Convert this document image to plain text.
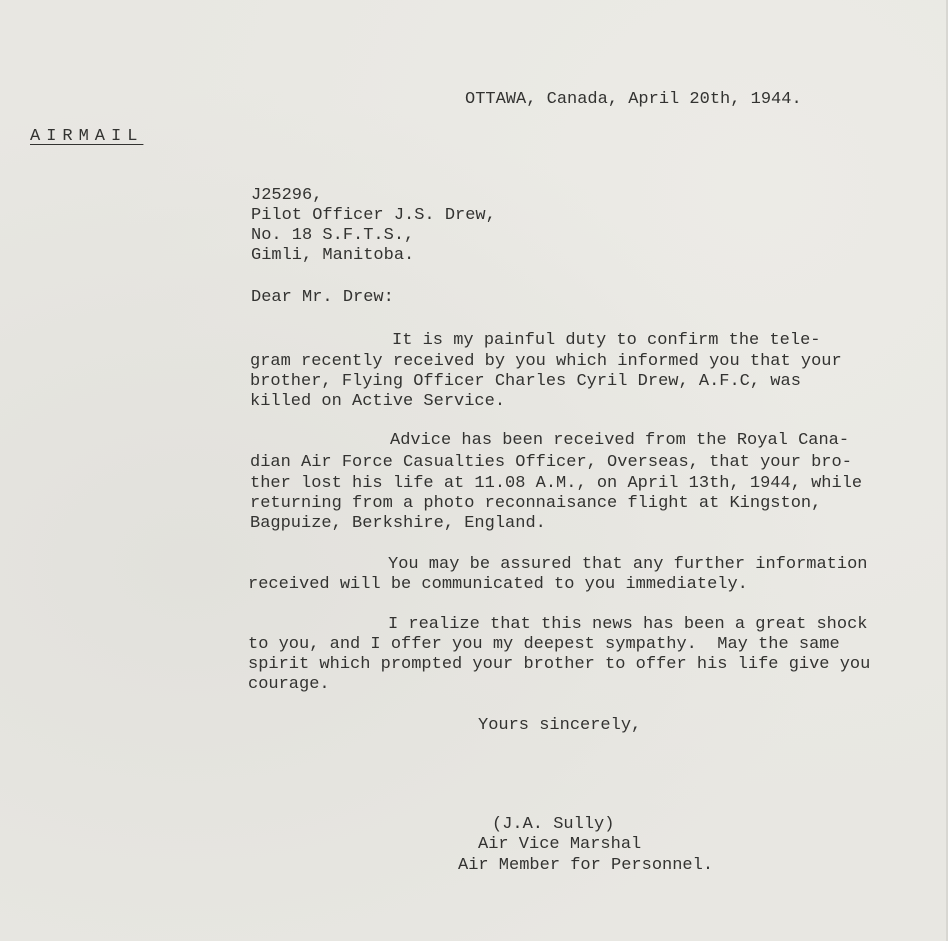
OTTAWA, Canada, April 20th, 1944.
AIRMAIL
J25296,
Pilot Officer J.S. Drew,
No. 18 S.F.T.S.,
Gimli, Manitoba.
Dear Mr. Drew:
It is my painful duty to confirm the tele-
gram recently received by you which informed you that your
brother, Flying Officer Charles Cyril Drew, A.F.C, was
killed on Active Service.
Advice has been received from the Royal Cana-
dian Air Force Casualties Officer, Overseas, that your bro-
ther lost his life at 11.08 A.M., on April 13th, 1944, while
returning from a photo reconnaisance flight at Kingston,
Bagpuize, Berkshire, England.
You may be assured that any further information
received will be communicated to you immediately.
I realize that this news has been a great shock
to you, and I offer you my deepest sympathy.  May the same
spirit which prompted your brother to offer his life give you
courage.
Yours sincerely,
(J.A. Sully)
Air Vice Marshal
Air Member for Personnel.
